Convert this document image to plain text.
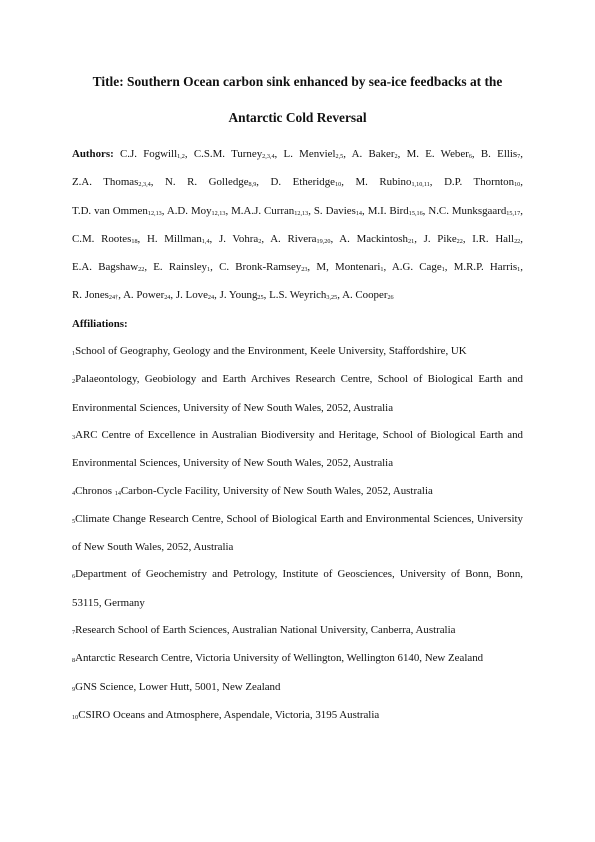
Title: Southern Ocean carbon sink enhanced by sea-ice feedbacks at the
Antarctic Cold Reversal
Authors: C.J. Fogwill$_{1,2}$, C.S.M. Turney$_{2,3,4}$, L. Menviel$_{2,5}$, A. Baker$_2$, M. E. Weber$_6$, B. Ellis$_7$, Z.A. Thomas$_{2,3,4}$, N. R. Golledge$_{8,9}$, D. Etheridge$_{10}$, M. Rubino$_{1,10,11}$, D.P. Thornton$_{10}$, T.D. van Ommen$_{12,13}$, A.D. Moy$_{12,13}$, M.A.J. Curran$_{12,13}$, S. Davies$_{14}$, M.I. Bird$_{15,16}$, N.C. Munksgaard$_{15,17}$, C.M. Rootes$_{18}$, H. Millman$_{1,4}$, J. Vohra$_2$, A. Rivera$_{19,20}$, A. Mackintosh$_{21}$, J. Pike$_{22}$, I.R. Hall$_{22}$, E.A. Bagshaw$_{22}$, E. Rainsley$_1$, C. Bronk-Ramsey$_{23}$, M, Montenari$_1$, A.G. Cage$_1$, M.R.P. Harris$_1$, R. Jones$_{24\dagger}$, A. Power$_{24}$, J. Love$_{24}$, J. Young$_{25}$, L.S. Weyrich$_{3,25}$, A. Cooper$_{26}$
Affiliations:

1School of Geography, Geology and the Environment, Keele University, Staffordshire, UK

2Palaeontology, Geobiology and Earth Archives Research Centre, School of Biological Earth and Environmental Sciences, University of New South Wales, 2052, Australia

3ARC Centre of Excellence in Australian Biodiversity and Heritage, School of Biological Earth and Environmental Sciences, University of New South Wales, 2052, Australia

4Chronos 14Carbon-Cycle Facility, University of New South Wales, 2052, Australia

5Climate Change Research Centre, School of Biological Earth and Environmental Sciences, University of New South Wales, 2052, Australia

6Department of Geochemistry and Petrology, Institute of Geosciences, University of Bonn, Bonn, 53115, Germany

7Research School of Earth Sciences, Australian National University, Canberra, Australia

8Antarctic Research Centre, Victoria University of Wellington, Wellington 6140, New Zealand

9GNS Science, Lower Hutt, 5001, New Zealand

10CSIRO Oceans and Atmosphere, Aspendale, Victoria, 3195 Australia
